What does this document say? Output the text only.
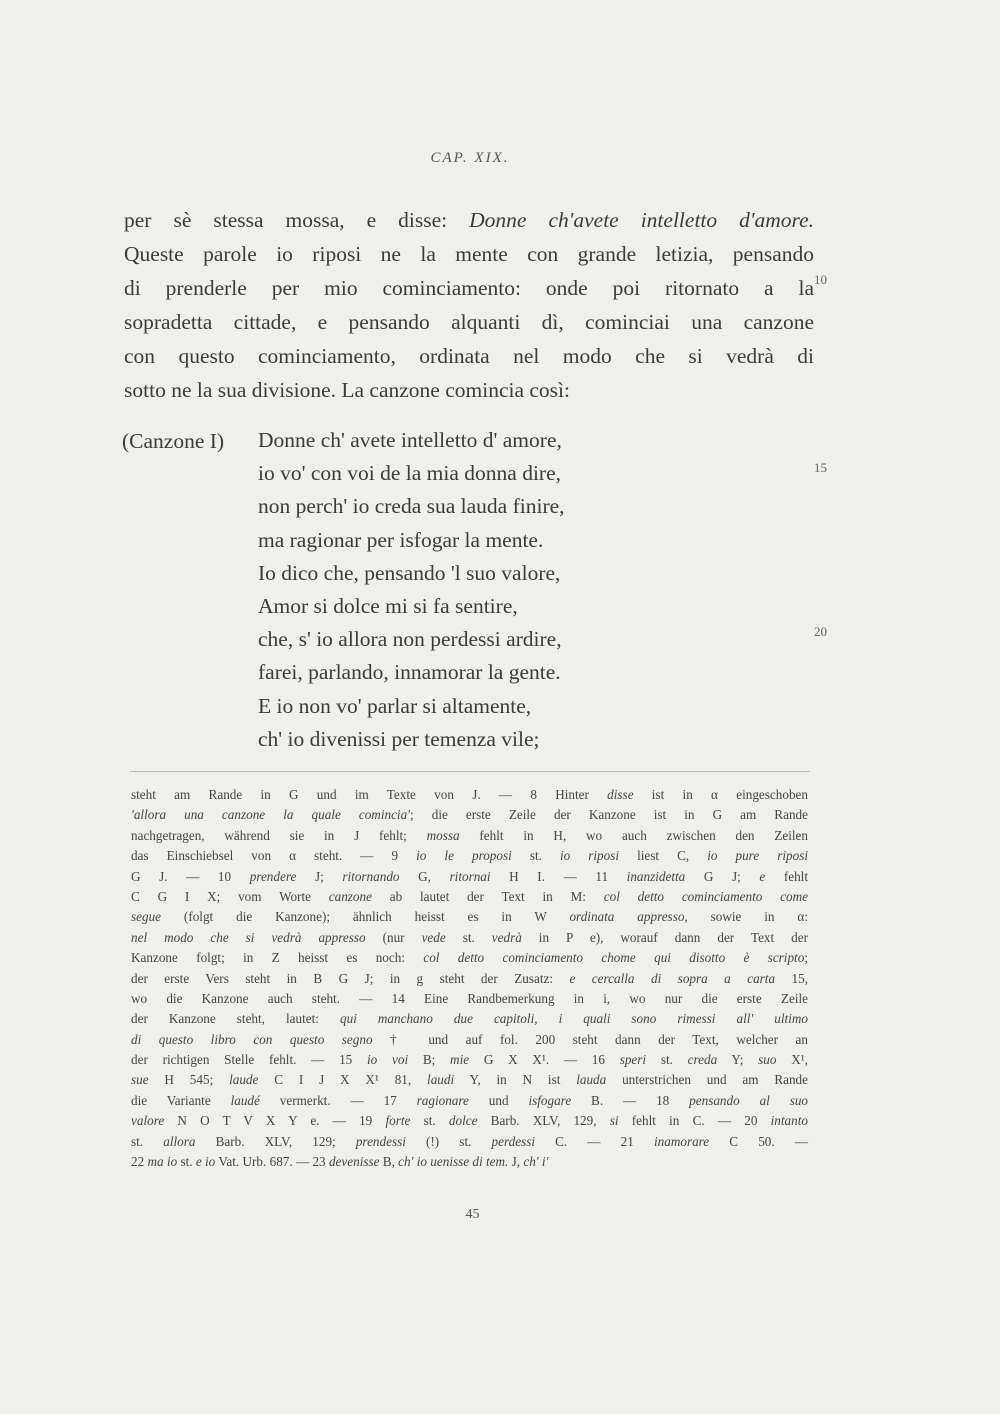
CAP. XIX.
per sè stessa mossa, e disse: Donne ch'avete intelletto d'amore.
Queste parole io riposi ne la mente con grande letizia, pensando
di prenderle per mio cominciamento: onde poi ritornato a la
sopradetta cittade, e pensando alquanti dì, cominciai una canzone
con questo cominciamento, ordinata nel modo che si vedrà di
sotto ne la sua divisione. La canzone comincia così:
10
15
20
(Canzone I) Donne ch' avete intelletto d' amore,
io vo' con voi de la mia donna dire,
non perch' io creda sua lauda finire,
ma ragionar per isfogar la mente.
Io dico che, pensando 'l suo valore,
Amor si dolce mi si fa sentire,
che, s' io allora non perdessi ardire,
farei, parlando, innamorar la gente.
E io non vo' parlar si altamente,
ch' io divenissi per temenza vile;
steht am Rande in G und im Texte von J. — 8 Hinter disse ist in α eingeschoben
'allora una canzone la quale comincia'; die erste Zeile der Kanzone ist in G am Rande
nachgetragen, während sie in J fehlt; mossa fehlt in H, wo auch zwischen den Zeilen
das Einschiebsel von α steht. — 9 io le proposi st. io riposi liest C, io pure riposi
G J. — 10 prendere J; ritornando G, ritornai H I. — 11 inanzidetta G J; e fehlt
C G I X; vom Worte canzone ab lautet der Text in M: col detto cominciamento come
segue (folgt die Kanzone); ähnlich heisst es in W ordinata appresso, sowie in α:
nel modo che si vedrà appresso (nur vede st. vedrà in P e), worauf dann der Text der
Kanzone folgt; in Z heisst es noch: col detto cominciamento chome qui disotto è scripto;
der erste Vers steht in B G J; in g steht der Zusatz: e cercalla di sopra a carta 15,
wo die Kanzone auch steht. — 14 Eine Randbemerkung in i, wo nur die erste Zeile
der Kanzone steht, lautet: qui manchano due capitoli, i quali sono rimessi all' ultimo
di questo libro con questo segno † und auf fol. 200 steht dann der Text, welcher an
der richtigen Stelle fehlt. — 15 io voi B; mie G X X¹. — 16 speri st. creda Y; suo X¹,
sue H 545; laude C I J X X¹ 81, laudi Y, in N ist lauda unterstrichen und am Rande
die Variante laudé vermerkt. — 17 ragionare und isfogare B. — 18 pensando al suo
valore N O T V X Y e. — 19 forte st. dolce Barb. XLV, 129, si fehlt in C. — 20 intanto
st. allora Barb. XLV, 129; prendessi (!) st. perdessi C. — 21 inamorare C 50. —
22 ma io st. e io Vat. Urb. 687. — 23 devenisse B, ch' io uenisse di tem. J, ch' i'
45
